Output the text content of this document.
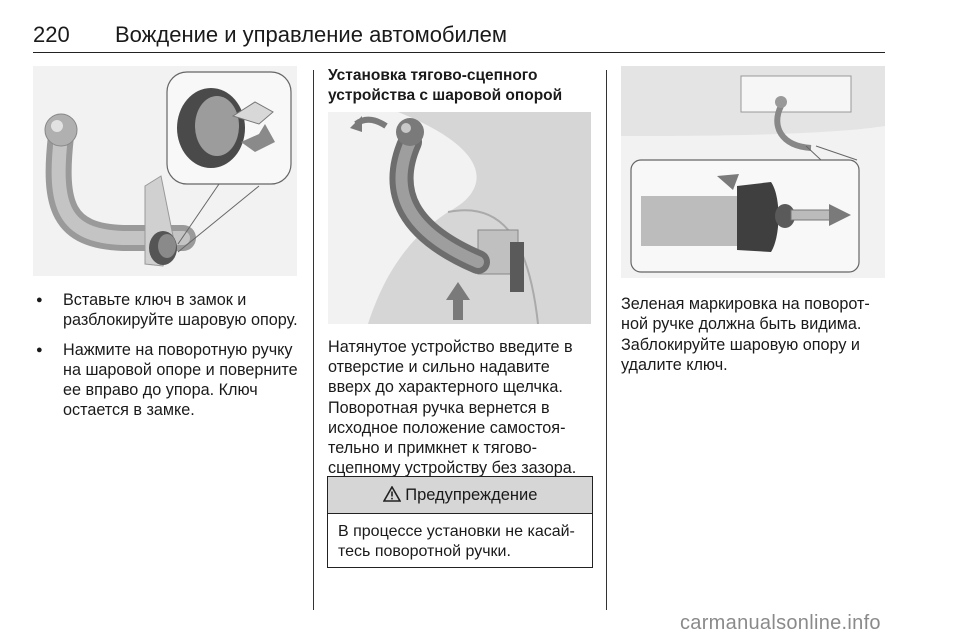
220 Вождение и управление автомобилем
● Вставьте ключ в замок и разблокируйте шаровую опору.
● Нажмите на поворотную ручку на шаровой опоре и поверните ее вправо до упора. Ключ остается в замке.
Установка тягово-сцепного устройства с шаровой опорой

Натянутое устройство введите в отверстие и сильно надавите вверх до характерного щелчка.

Поворотная ручка вернется в исходное положение самостоя-тельно и примкнет к тягово-сцепному устройству без зазора.

Предупреждение
В процессе установки не касай-тесь поворотной ручки.

Зеленая маркировка на поворот-ной ручке должна быть видима.

Заблокируйте шаровую опору и удалите ключ.

carmanualsonline.info
